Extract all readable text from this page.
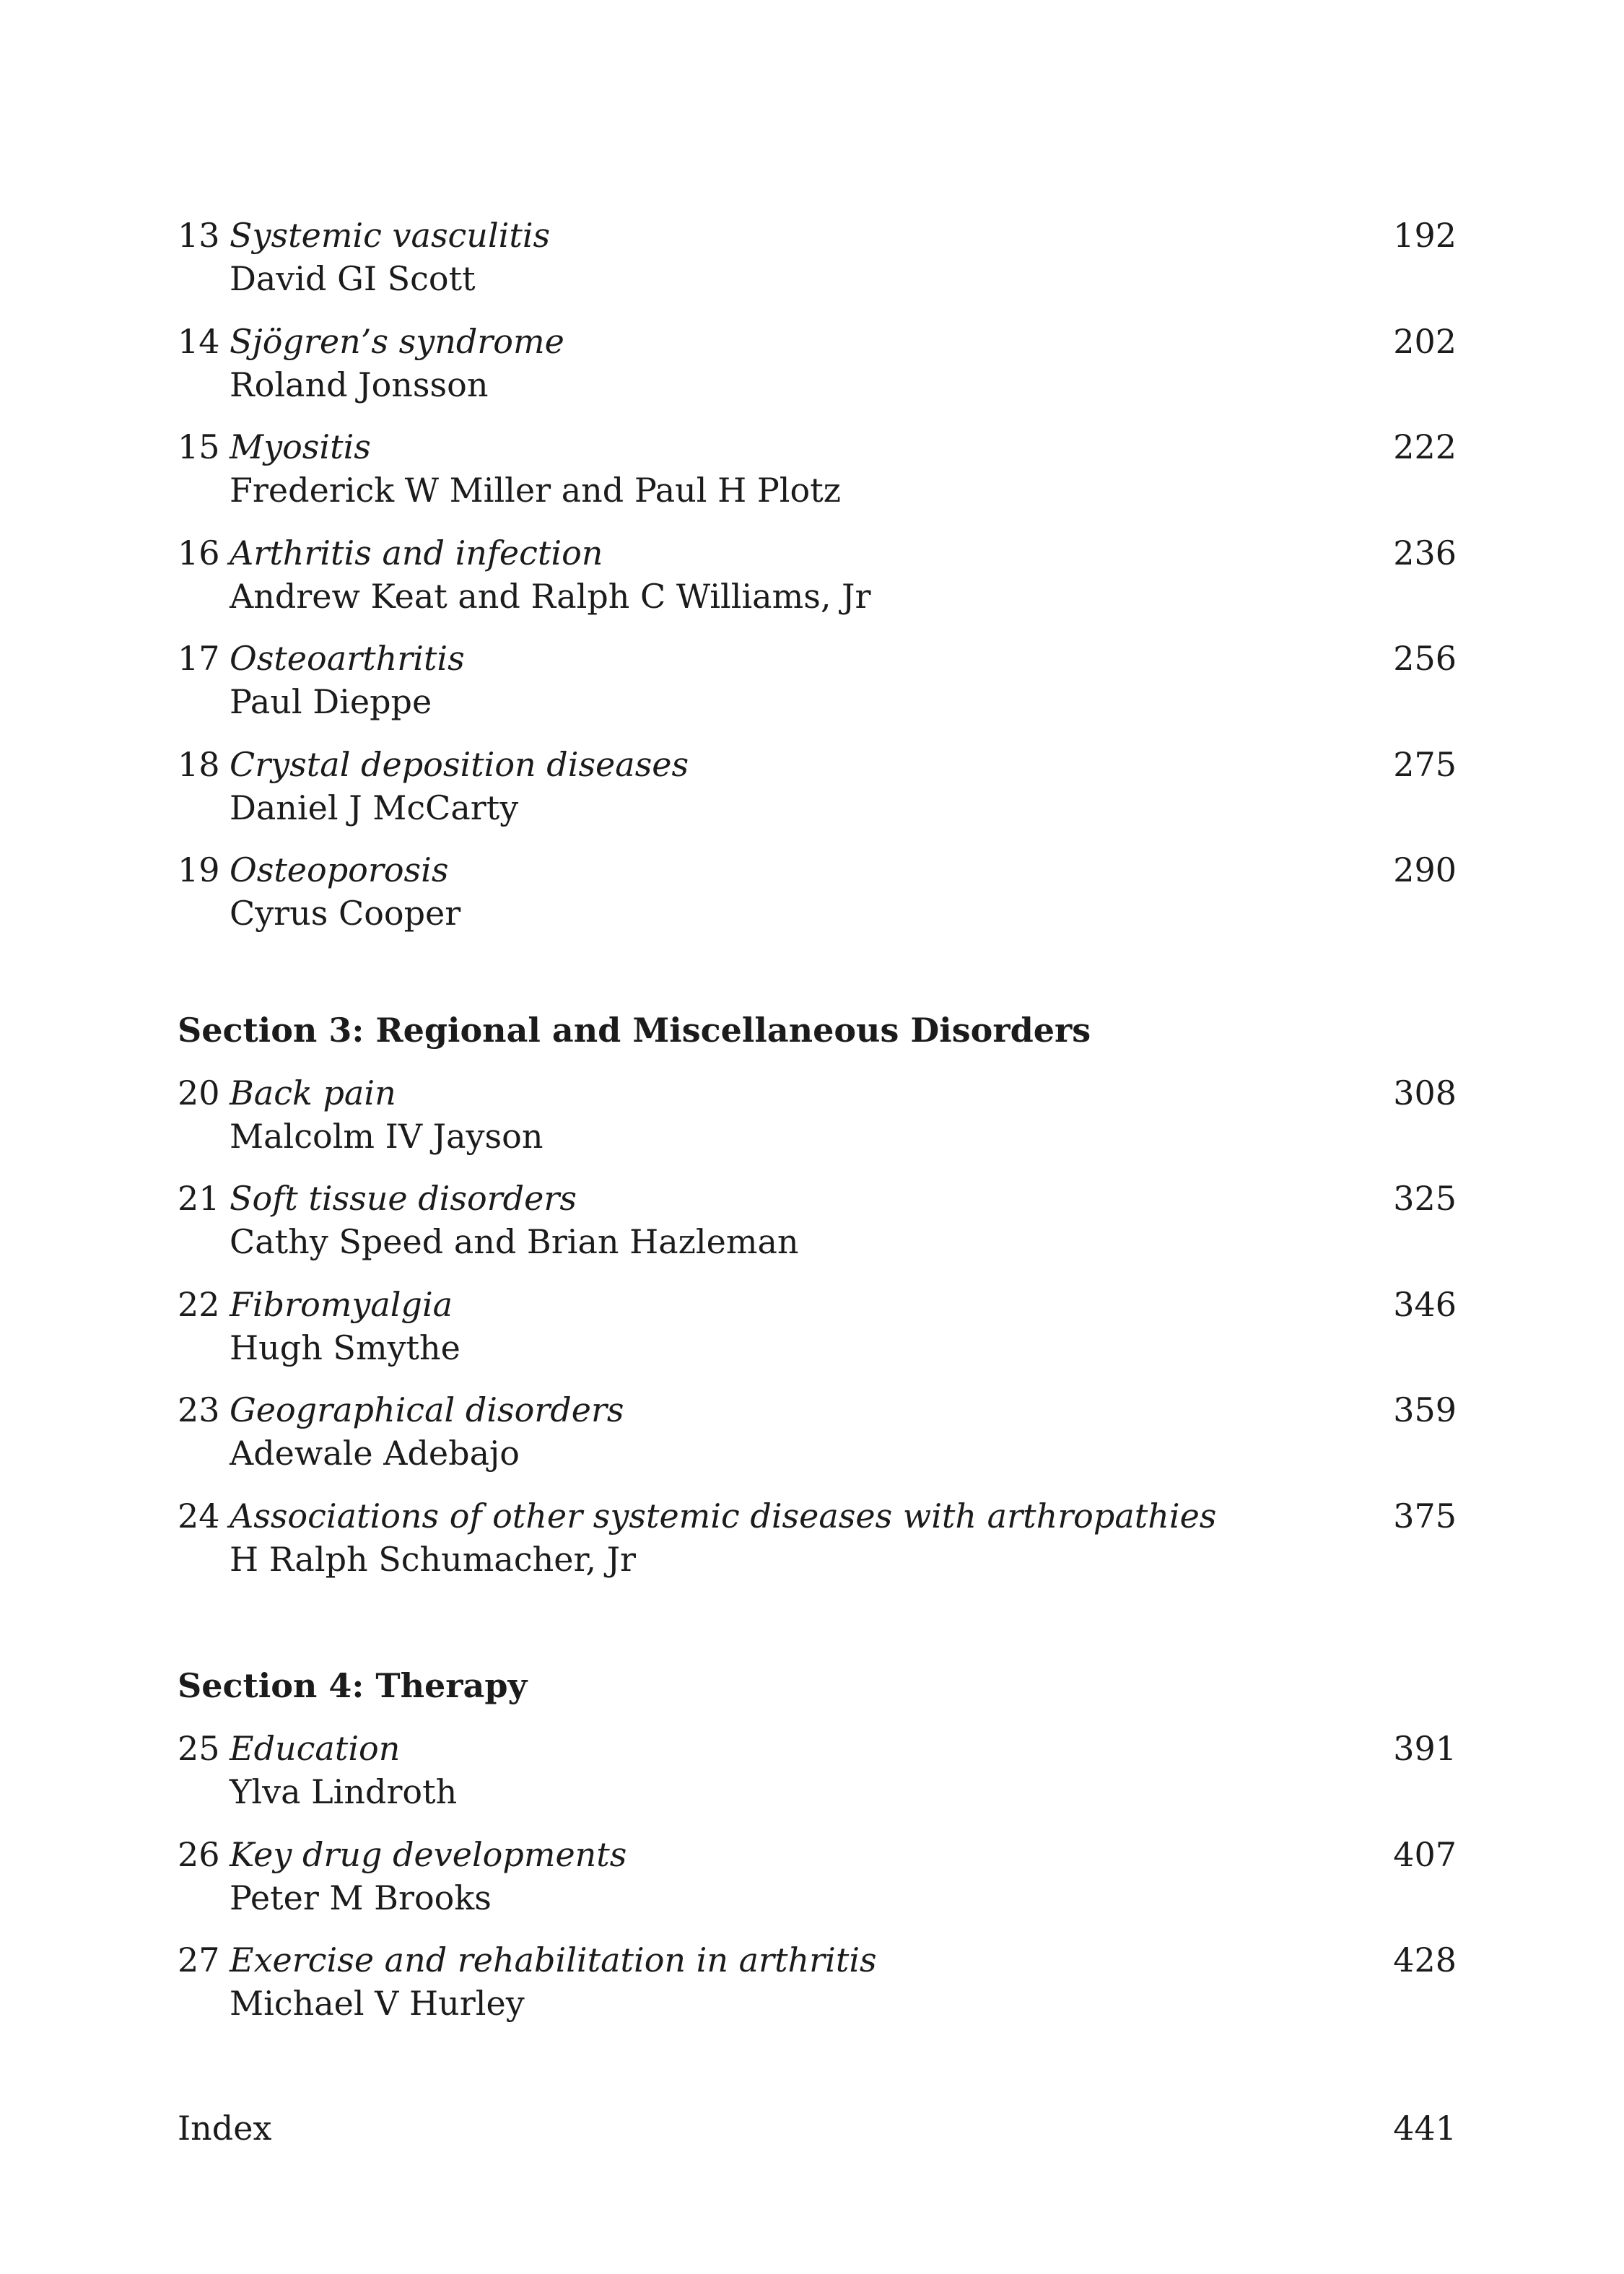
13 Systemic vasculitis
David GI Scott
192
14 Sjögren’s syndrome
Roland Jonsson
202
15 Myositis
Frederick W Miller and Paul H Plotz
222
16 Arthritis and infection
Andrew Keat and Ralph C Williams, Jr
236
17 Osteoarthritis
Paul Dieppe
256
18 Crystal deposition diseases
Daniel J McCarty
275
19 Osteoporosis
Cyrus Cooper
290
Section 3: Regional and Miscellaneous Disorders
20 Back pain
Malcolm IV Jayson
308
21 Soft tissue disorders
Cathy Speed and Brian Hazleman
325
22 Fibromyalgia
Hugh Smythe
346
23 Geographical disorders
Adewale Adebajo
359
24 Associations of other systemic diseases with arthropathies
H Ralph Schumacher, Jr
375
Section 4: Therapy
25 Education
Ylva Lindroth
391
26 Key drug developments
Peter M Brooks
407
27 Exercise and rehabilitation in arthritis
Michael V Hurley
428
Index	441
